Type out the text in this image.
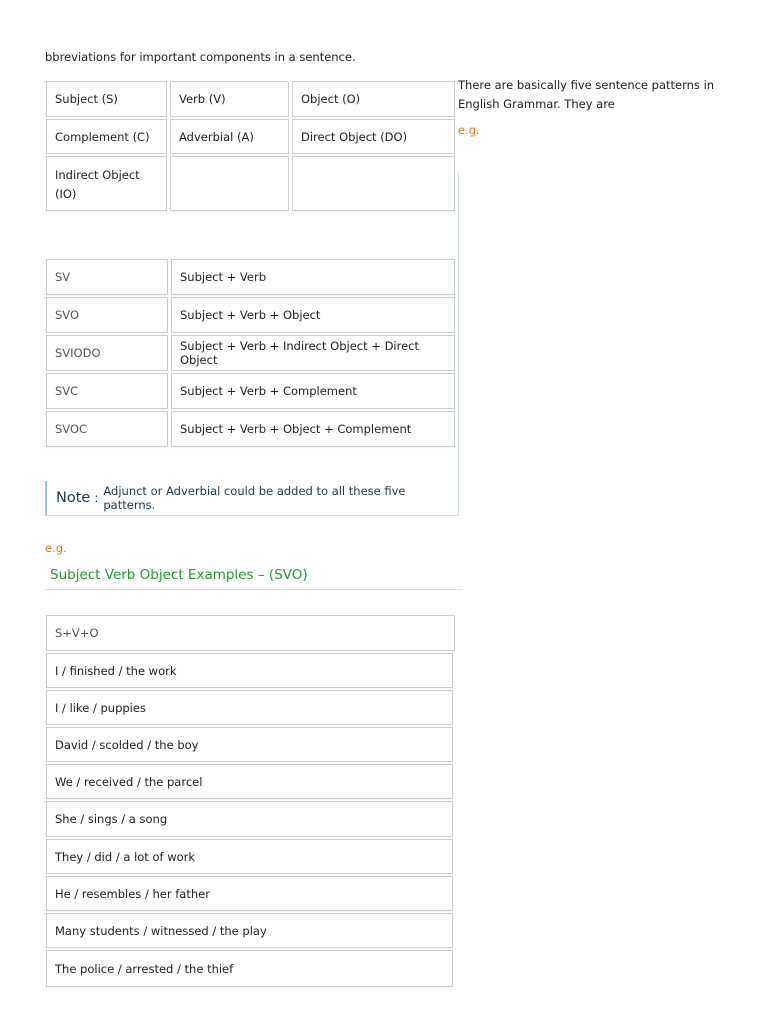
bbreviations for important components in a sentence.
There are basically five sentence patterns in English Grammar. They are
e.g.
Subject (S)	Verb (V)	Object (O)
Complement (C)	Adverbial (A)	Direct Object (DO)
Indirect Object (IO)
SV	Subject + Verb
SVO	Subject + Verb + Object
SVIODO	Subject + Verb + Indirect Object + Direct Object
SVC	Subject + Verb + Complement
SVOC	Subject + Verb + Object + Complement
Note : Adjunct or Adverbial could be added to all these five patterns.
e.g.
Subject Verb Object Examples – (SVO)
S+V+O
I / finished / the work
I / like / puppies
David / scolded / the boy
We / received / the parcel
She / sings / a song
They / did / a lot of work
He / resembles / her father
Many students / witnessed / the play
The police / arrested / the thief
